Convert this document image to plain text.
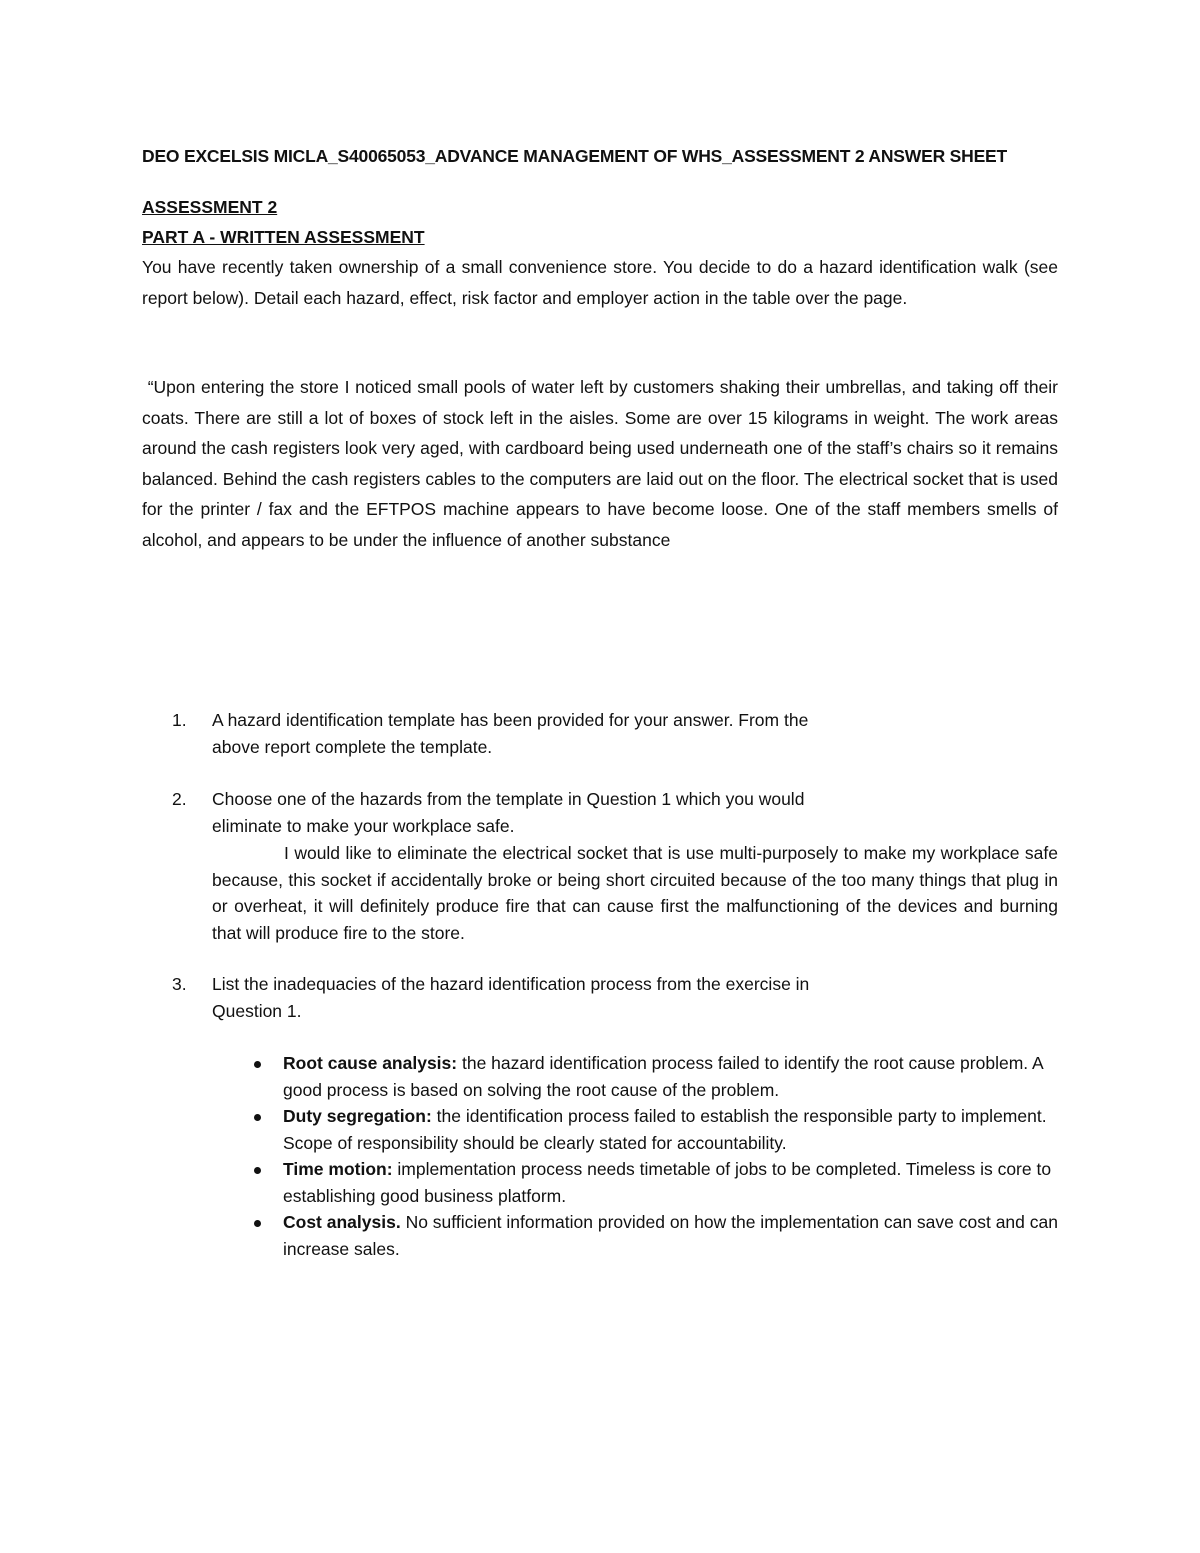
DEO EXCELSIS MICLA_S40065053_ADVANCE MANAGEMENT OF WHS_ASSESSMENT 2 ANSWER SHEET
ASSESSMENT 2
PART A - WRITTEN ASSESSMENT
You have recently taken ownership of a small convenience store. You decide to do a hazard identification walk (see report below). Detail each hazard, effect, risk factor and employer action in the table over the page.
“Upon entering the store I noticed small pools of water left by customers shaking their umbrellas, and taking off their coats. There are still a lot of boxes of stock left in the aisles. Some are over 15 kilograms in weight. The work areas around the cash registers look very aged, with cardboard being used underneath one of the staff’s chairs so it remains balanced. Behind the cash registers cables to the computers are laid out on the floor. The electrical socket that is used for the printer / fax and the EFTPOS machine appears to have become loose. One of the staff members smells of alcohol, and appears to be under the influence of another substance
1.	A hazard identification template has been provided for your answer. From the
above report complete the template.
2.	Choose one of the hazards from the template in Question 1 which you would
eliminate to make your workplace safe.
I would like to eliminate the electrical socket that is use multi-purposely to make my workplace safe because, this socket if accidentally broke or being short circuited because of the too many things that plug in or overheat, it will definitely produce fire that can cause first the malfunctioning of the devices and burning that will produce fire to the store.
3.	List the inadequacies of the hazard identification process from the exercise in
Question 1.
Root cause analysis: the hazard identification process failed to identify the root cause problem. A good process is based on solving the root cause of the problem.
Duty segregation: the identification process failed to establish the responsible party to implement. Scope of responsibility should be clearly stated for accountability.
Time motion: implementation process needs timetable of jobs to be completed. Timeless is core to establishing good business platform.
Cost analysis. No sufficient information provided on how the implementation can save cost and can increase sales.
